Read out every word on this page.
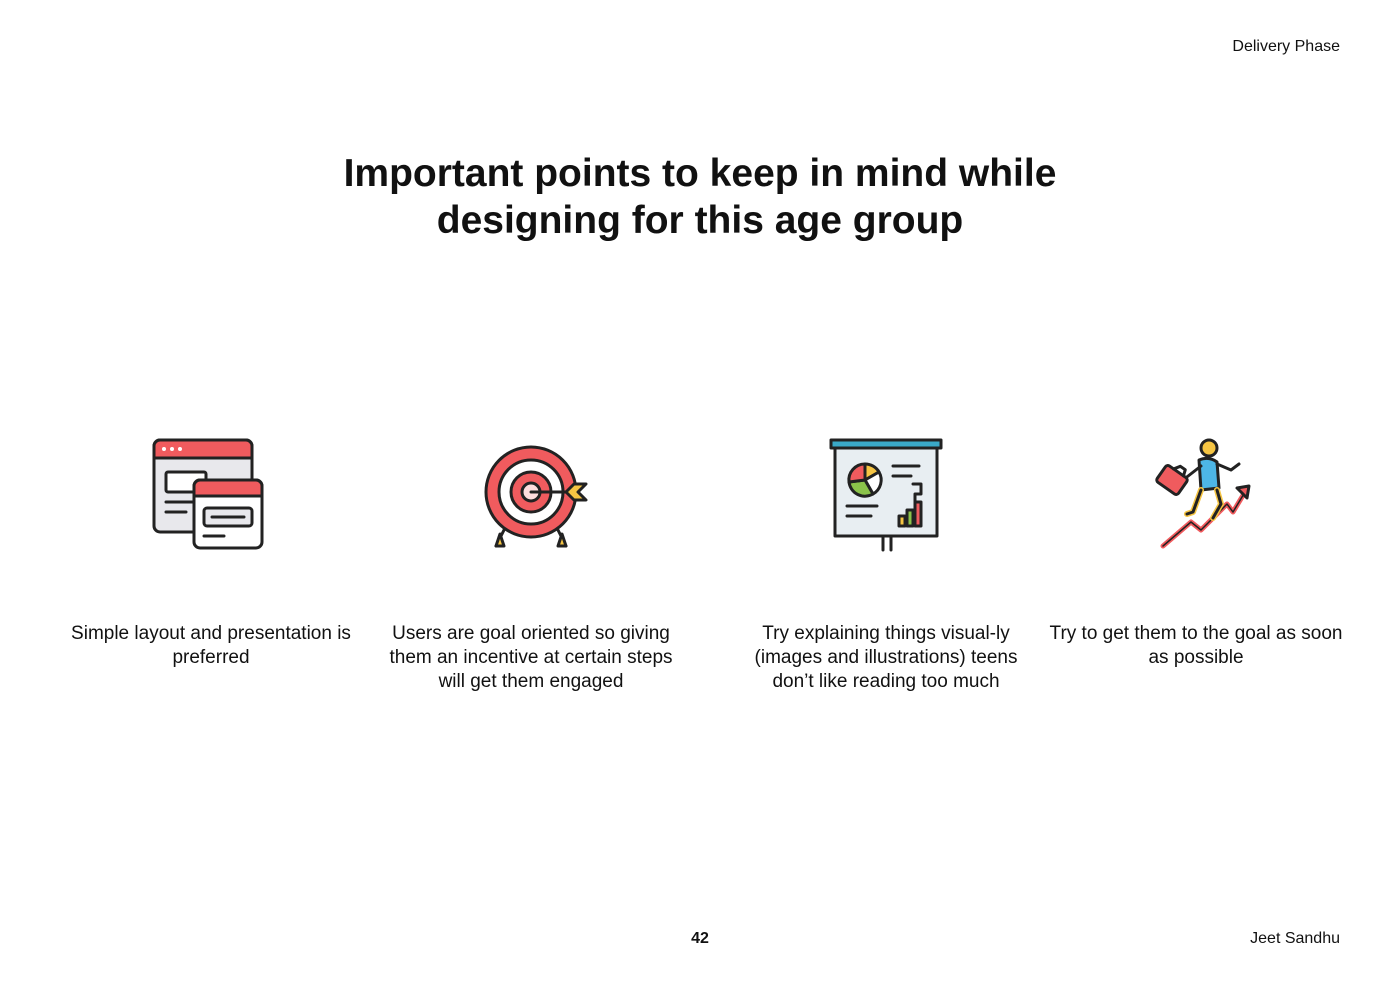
Delivery Phase
Important points to keep in mind while
designing for this age group
Simple layout and presentation is preferred
Users are goal oriented so giving them an incentive at certain steps will get them engaged
Try explaining things visual-ly (images and illustrations) teens don’t like reading too much
Try to get them to the goal as soon as possible
42	Jeet Sandhu
